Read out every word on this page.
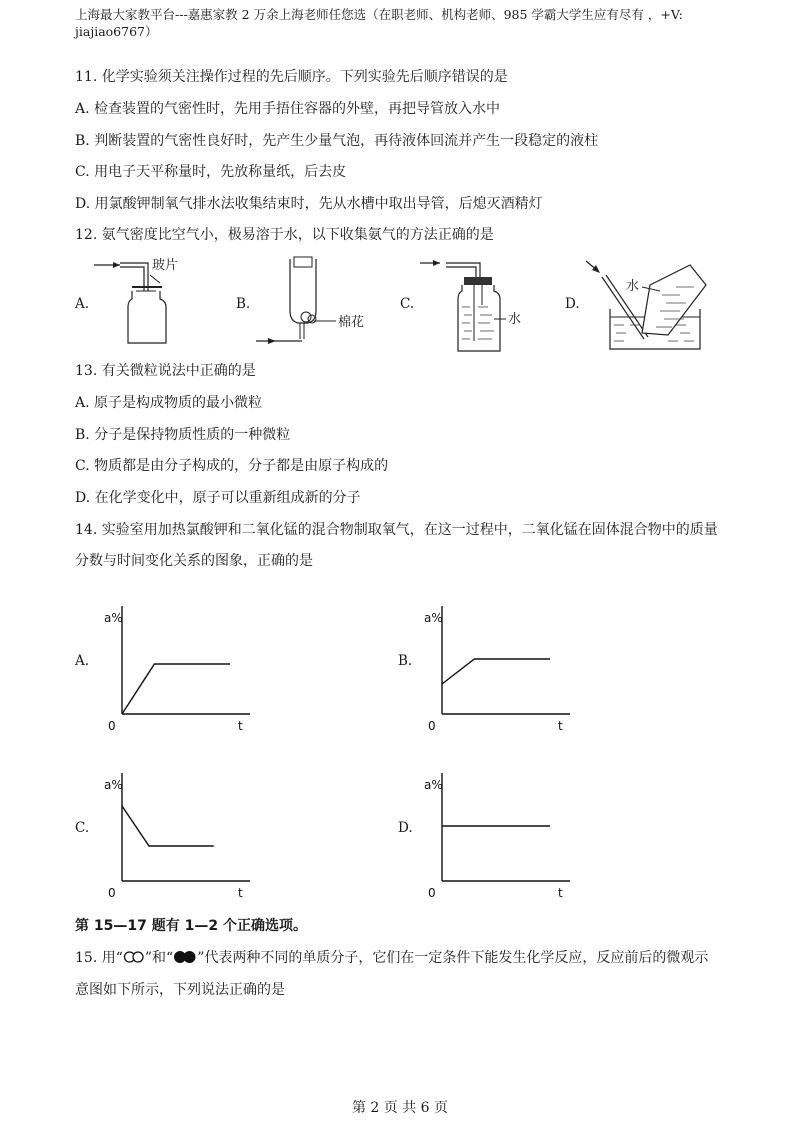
上海最大家教平台---嘉惠家教 2 万余上海老师任您选（在职老师、机构老师、985 学霸大学生应有尽有 ，+V:
jiajiao6767）
11. 化学实验须关注操作过程的先后顺序。下列实验先后顺序错误的是
A. 检查装置的气密性时，先用手捂住容器的外壁，再把导管放入水中
B. 判断装置的气密性良好时，先产生少量气泡，再待液体回流并产生一段稳定的液柱
C. 用电子天平称量时，先放称量纸，后去皮
D. 用氯酸钾制氧气排水法收集结束时，先从水槽中取出导管，后熄灭酒精灯
12. 氨气密度比空气小，极易溶于水，以下收集氨气的方法正确的是
A.	B.	C.	D.
玻片
棉花	水
水
13. 有关微粒说法中正确的是
A. 原子是构成物质的最小微粒
B. 分子是保持物质性质的一种微粒
C. 物质都是由分子构成的，分子都是由原子构成的
D. 在化学变化中，原子可以重新组成新的分子
14. 实验室用加热氯酸钾和二氧化锰的混合物制取氧气，在这一过程中，二氧化锰在固体混合物中的质量
分数与时间变化关系的图象，正确的是
A.	B.
C.	D.
a%
t
0
a%
t
0
a%
t
0
a%
t
0
第 15—17 题有 1—2 个正确选项。
15. 用“ ”和“ ”代表两种不同的单质分子，它们在一定条件下能发生化学反应，反应前后的微观示
意图如下所示，下列说法正确的是
第 2 页 共 6 页
